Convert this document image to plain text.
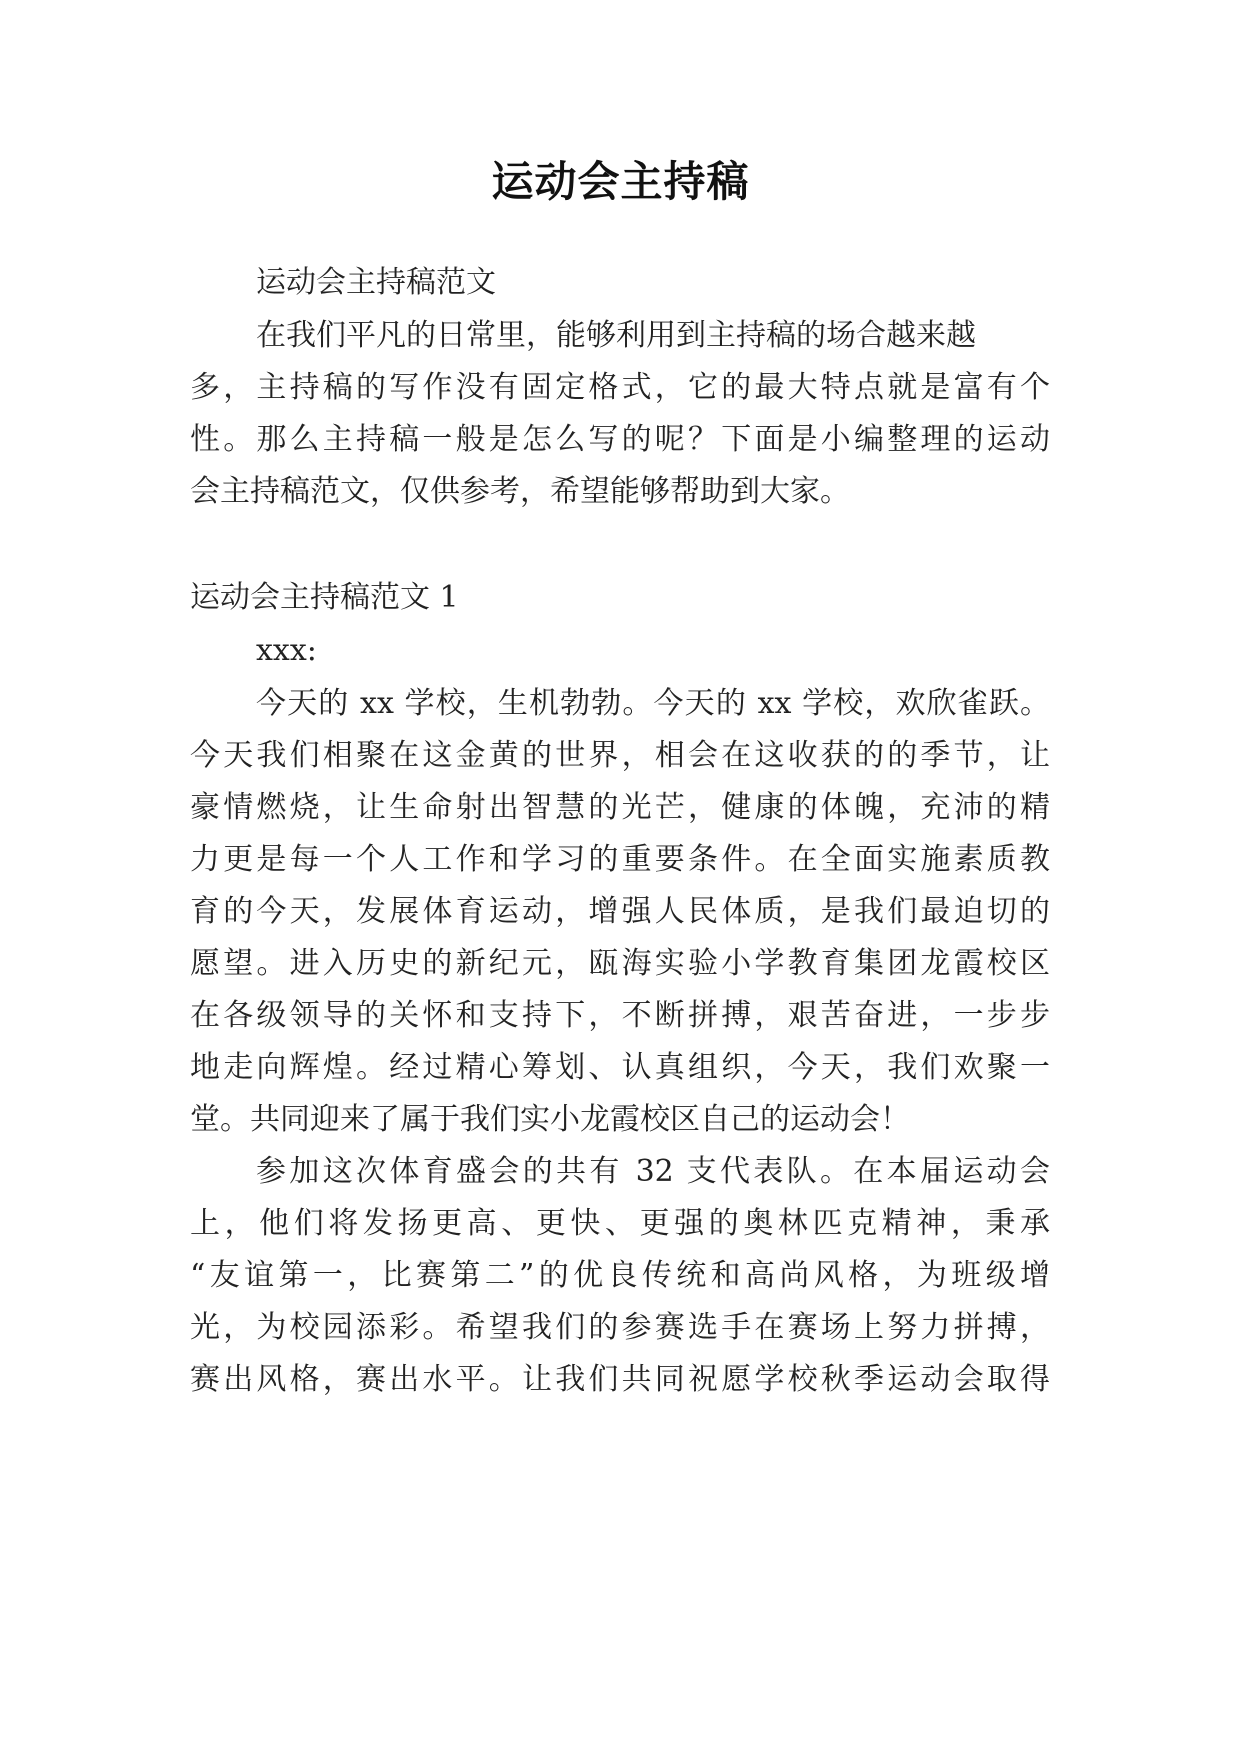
运动会主持稿
运动会主持稿范文
在我们平凡的日常里，能够利用到主持稿的场合越来越
多，主持稿的写作没有固定格式，它的最大特点就是富有个
性。那么主持稿一般是怎么写的呢？下面是小编整理的运动
会主持稿范文，仅供参考，希望能够帮助到大家。
运动会主持稿范文 1
xxx:
今天的 xx 学校，生机勃勃。今天的 xx 学校，欢欣雀跃。
今天我们相聚在这金黄的世界，相会在这收获的的季节，让
豪情燃烧，让生命射出智慧的光芒，健康的体魄，充沛的精
力更是每一个人工作和学习的重要条件。在全面实施素质教
育的今天，发展体育运动，增强人民体质，是我们最迫切的
愿望。进入历史的新纪元，瓯海实验小学教育集团龙霞校区
在各级领导的关怀和支持下，不断拼搏，艰苦奋进，一步步
地走向辉煌。经过精心筹划、认真组织，今天，我们欢聚一
堂。共同迎来了属于我们实小龙霞校区自己的运动会！
参加这次体育盛会的共有 32 支代表队。在本届运动会
上，他们将发扬更高、更快、更强的奥林匹克精神，秉承
“友谊第一，比赛第二”的优良传统和高尚风格，为班级增
光，为校园添彩。希望我们的参赛选手在赛场上努力拼搏，
赛出风格，赛出水平。让我们共同祝愿学校秋季运动会取得
